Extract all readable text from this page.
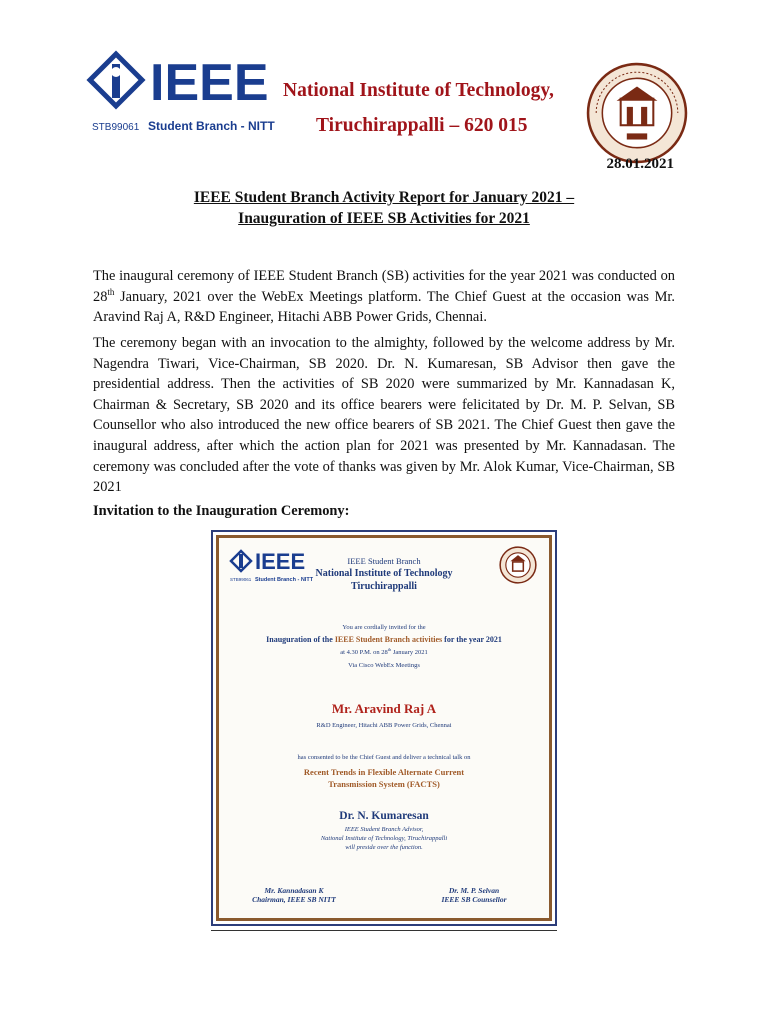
IEEE
STB99061 Student Branch - NITT
National Institute of Technology,
Tiruchirappalli – 620 015
28.01.2021
IEEE Student Branch Activity Report for January 2021 –
Inauguration of IEEE SB Activities for 2021

The inaugural ceremony of IEEE Student Branch (SB) activities for the year 2021 was conducted on 28th January, 2021 over the WebEx Meetings platform. The Chief Guest at the occasion was Mr. Aravind Raj A, R&D Engineer, Hitachi ABB Power Grids, Chennai.

The ceremony began with an invocation to the almighty, followed by the welcome address by Mr. Nagendra Tiwari, Vice-Chairman, SB 2020. Dr. N. Kumaresan, SB Advisor then gave the presidential address. Then the activities of SB 2020 were summarized by Mr. Kannadasan K, Chairman & Secretary, SB 2020 and its office bearers were felicitated by Dr. M. P. Selvan, SB Counsellor who also introduced the new office bearers of SB 2021. The Chief Guest then gave the inaugural address, after which the action plan for 2021 was presented by Mr. Kannadasan. The ceremony was concluded after the vote of thanks was given by Mr. Alok Kumar, Vice-Chairman, SB 2021

Invitation to the Inauguration Ceremony:
IEEE
STB99061 Student Branch - NITT
IEEE Student Branch
National Institute of Technology
Tiruchirappalli
You are cordially invited for the
Inauguration of the IEEE Student Branch activities for the year 2021
at 4.30 P.M. on 28th January 2021
Via Cisco WebEx Meetings
Mr. Aravind Raj A
R&D Engineer, Hitachi ABB Power Grids, Chennai
has consented to be the Chief Guest and deliver a technical talk on
Recent Trends in Flexible Alternate Current
Transmission System (FACTS)
Dr. N. Kumaresan
IEEE Student Branch Advisor,
National Institute of Technology, Tiruchirappalli
will preside over the function.
Mr. Kannadasan K
Chairman, IEEE SB NITT
Dr. M. P. Selvan
IEEE SB Counsellor
